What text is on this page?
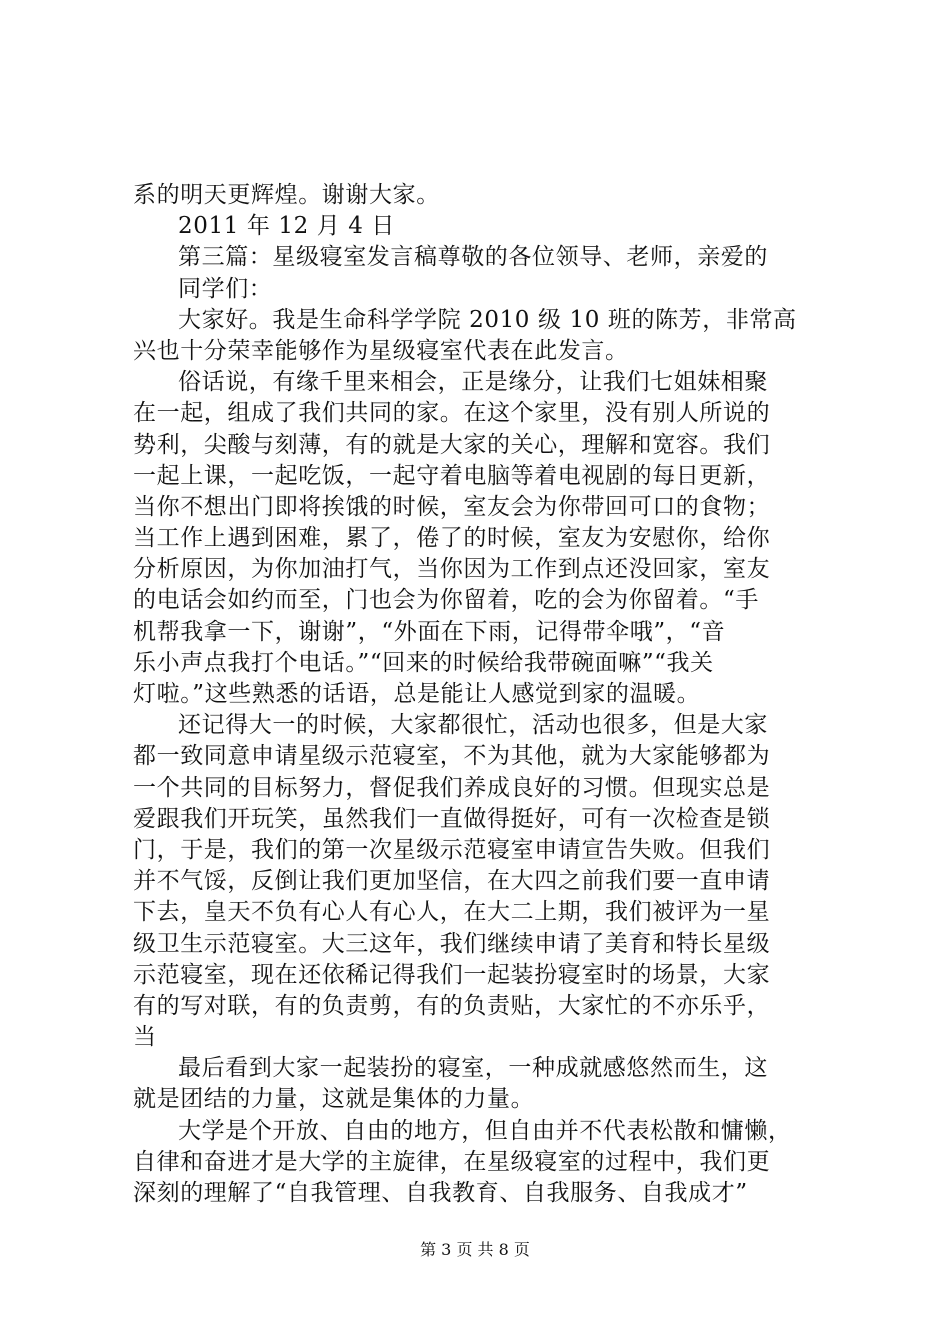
系的明天更辉煌。谢谢大家。
2011 年 12 月 4 日
第三篇：星级寝室发言稿尊敬的各位领导、老师，亲爱的
同学们：
大家好。我是生命科学学院 2010 级 10 班的陈芳，非常高
兴也十分荣幸能够作为星级寝室代表在此发言。
俗话说，有缘千里来相会，正是缘分，让我们七姐妹相聚
在一起，组成了我们共同的家。在这个家里，没有别人所说的
势利，尖酸与刻薄，有的就是大家的关心，理解和宽容。我们
一起上课，一起吃饭，一起守着电脑等着电视剧的每日更新，
当你不想出门即将挨饿的时候，室友会为你带回可口的食物；
当工作上遇到困难，累了，倦了的时候，室友为安慰你，给你
分析原因，为你加油打气，当你因为工作到点还没回家，室友
的电话会如约而至，门也会为你留着，吃的会为你留着。“手
机帮我拿一下，谢谢”，“外面在下雨，记得带伞哦”，“音
乐小声点我打个电话。”“回来的时候给我带碗面嘛”“我关
灯啦。”这些熟悉的话语，总是能让人感觉到家的温暖。
还记得大一的时候，大家都很忙，活动也很多，但是大家
都一致同意申请星级示范寝室，不为其他，就为大家能够都为
一个共同的目标努力，督促我们养成良好的习惯。但现实总是
爱跟我们开玩笑，虽然我们一直做得挺好，可有一次检查是锁
门，于是，我们的第一次星级示范寝室申请宣告失败。但我们
并不气馁，反倒让我们更加坚信，在大四之前我们要一直申请
下去，皇天不负有心人有心人，在大二上期，我们被评为一星
级卫生示范寝室。大三这年，我们继续申请了美育和特长星级
示范寝室，现在还依稀记得我们一起装扮寝室时的场景，大家
有的写对联，有的负责剪，有的负责贴，大家忙的不亦乐乎，
当
最后看到大家一起装扮的寝室，一种成就感悠然而生，这
就是团结的力量，这就是集体的力量。
大学是个开放、自由的地方，但自由并不代表松散和慵懒，
自律和奋进才是大学的主旋律，在星级寝室的过程中，我们更
深刻的理解了“自我管理、自我教育、自我服务、自我成才”
第 3 页 共 8 页
